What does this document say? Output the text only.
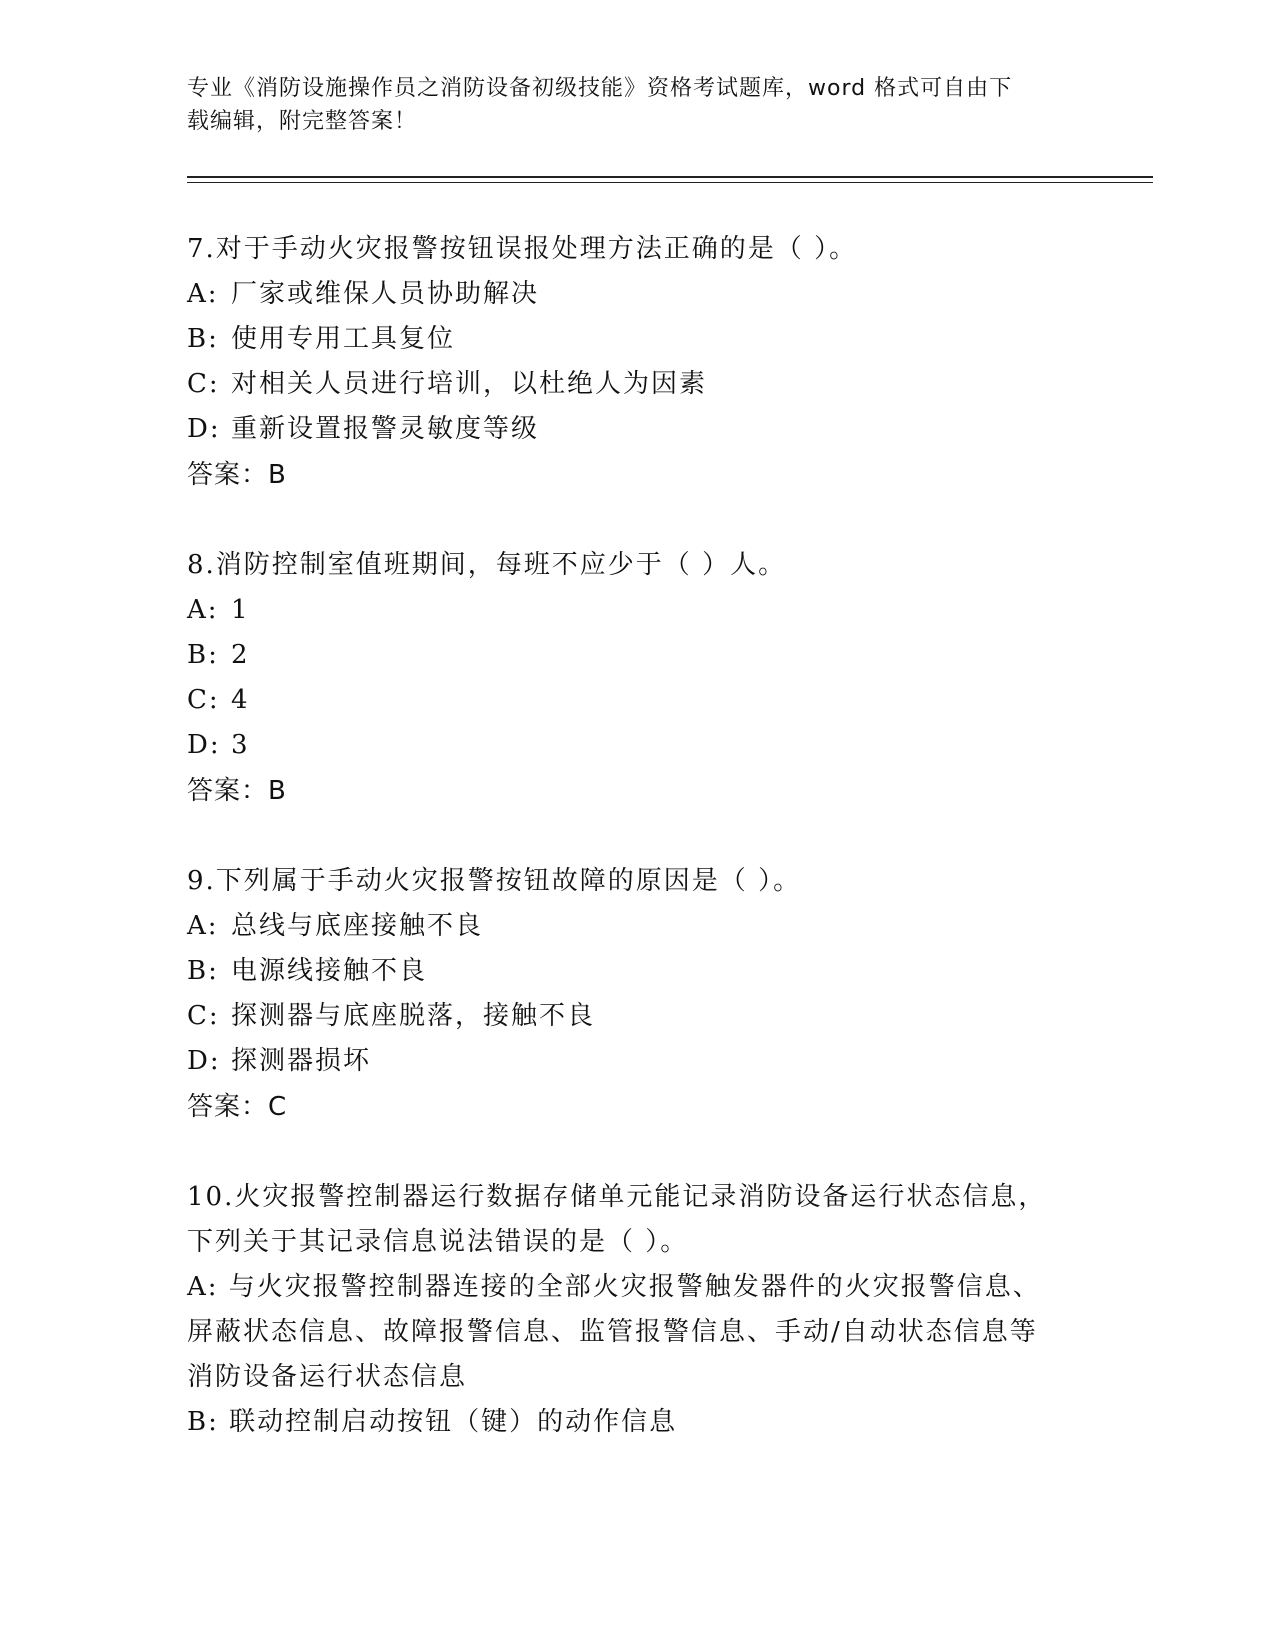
专业《消防设施操作员之消防设备初级技能》资格考试题库，word 格式可自由下
载编辑，附完整答案！

7.对于手动火灾报警按钮误报处理方法正确的是（ ）。

A: 厂家或维保人员协助解决

B: 使用专用工具复位

C: 对相关人员进行培训，以杜绝人为因素

D: 重新设置报警灵敏度等级

答案：B

8.消防控制室值班期间，每班不应少于（ ）人。

A: 1

B: 2

C: 4

D: 3

答案：B

9.下列属于手动火灾报警按钮故障的原因是（ ）。

A: 总线与底座接触不良

B: 电源线接触不良

C: 探测器与底座脱落，接触不良

D: 探测器损坏

答案：C

10.火灾报警控制器运行数据存储单元能记录消防设备运行状态信息，

下列关于其记录信息说法错误的是（ ）。

A: 与火灾报警控制器连接的全部火灾报警触发器件的火灾报警信息、

屏蔽状态信息、故障报警信息、监管报警信息、手动/自动状态信息等

消防设备运行状态信息

B: 联动控制启动按钮（键）的动作信息
